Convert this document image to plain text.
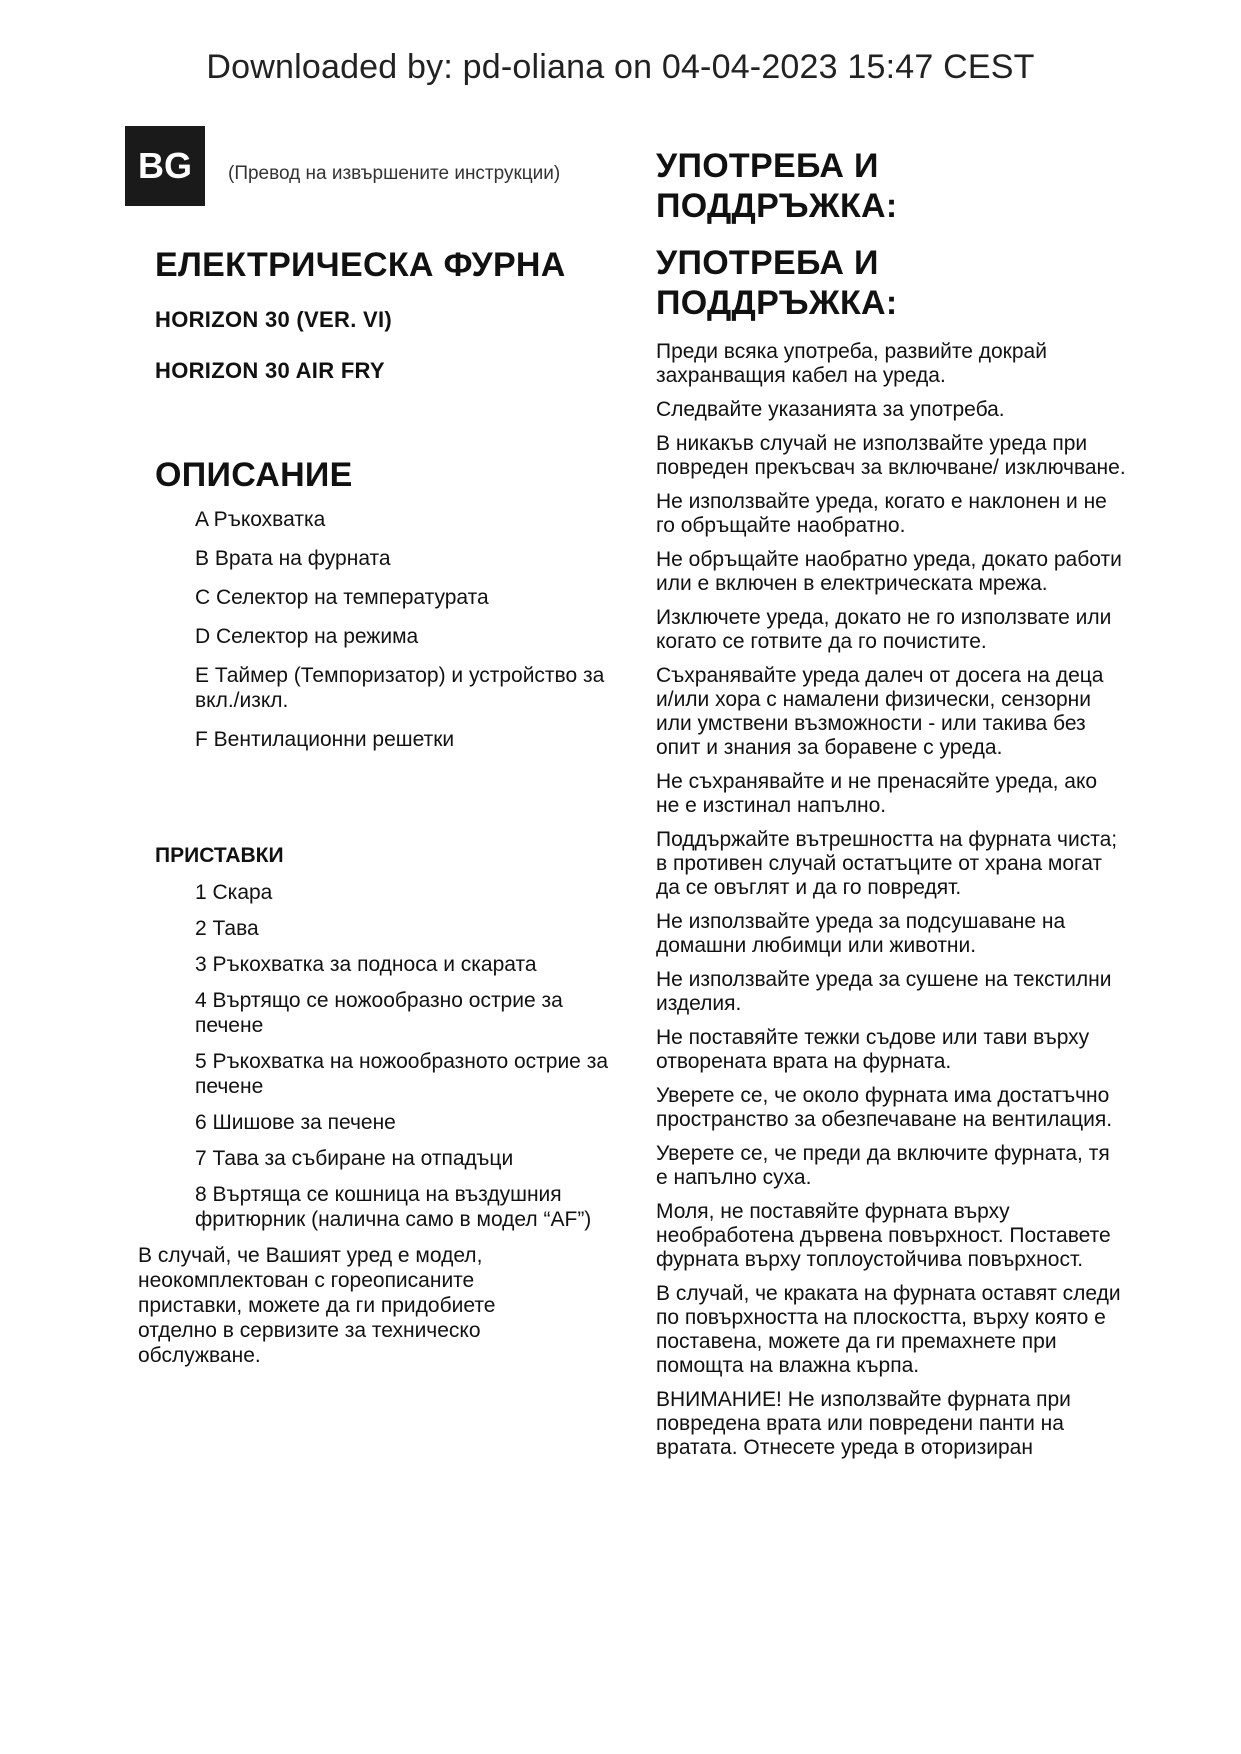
Downloaded by: pd-oliana on 04-04-2023 15:47 CEST
BG	(Превод на извършените инструкции)
ЕЛЕКТРИЧЕСКА ФУРНА
HORIZON 30 (VER. VI)
HORIZON 30 AIR FRY
ОПИСАНИЕ
A Ръкохватка
B Врата на фурната
C Селектор на температурата
D Селектор на режима
E Таймер (Темпоризатор) и устройство за вкл./изкл.
F Вентилационни решетки
ПРИСТАВКИ
1 Скара
2 Тава
3 Ръкохватка за подноса и скарата
4 Въртящо се ножообразно острие за печене
5 Ръкохватка на ножообразното острие за печене
6 Шишове за печене
7 Тава за събиране на отпадъци
8 Въртяща се кошница на въздушния фритюрник (налична само в модел “AF”)

В случай, че Вашият уред е модел, неокомплектован с гореописаните приставки, можете да ги придобиете отделно в сервизите за техническо обслужване.

УПОТРЕБА И ПОДДРЪЖКА:
УПОТРЕБА И ПОДДРЪЖКА:

Преди всяка употреба, развийте докрай захранващия кабел на уреда.

Следвайте указанията за употреба.

В никакъв случай не използвайте уреда при повреден прекъсвач за включване/ изключване.

Не използвайте уреда, когато е наклонен и не го обръщайте наобратно.

Не обръщайте наобратно уреда, докато работи или е включен в електрическата мрежа.

Изключете уреда, докато не го използвате или когато се готвите да го почистите.

Съхранявайте уреда далеч от досега на деца и/или хора с намалени физически, сензорни или умствени възможности - или такива без опит и знания за боравене с уреда.

Не съхранявайте и не пренасяйте уреда, ако не е изстинал напълно.

Поддържайте вътрешността на фурната чиста; в противен случай остатъците от храна могат да се овъглят и да го повредят.

Не използвайте уреда за подсушаване на домашни любимци или животни.

Не използвайте уреда за сушене на текстилни изделия.

Не поставяйте тежки съдове или тави върху отворената врата на фурната.

Уверете се, че около фурната има достатъчно пространство за обезпечаване на вентилация.

Уверете се, че преди да включите фурната, тя е напълно суха.

Моля, не поставяйте фурната върху необработена дървена повърхност. Поставете фурната върху топлоустойчива повърхност.

В случай, че краката на фурната оставят следи по повърхността на плоскостта, върху която е поставена, можете да ги премахнете при помощта на влажна кърпа.

ВНИМАНИЕ! Не използвайте фурната при повредена врата или повредени панти на вратата. Отнесете уреда в оторизиран
